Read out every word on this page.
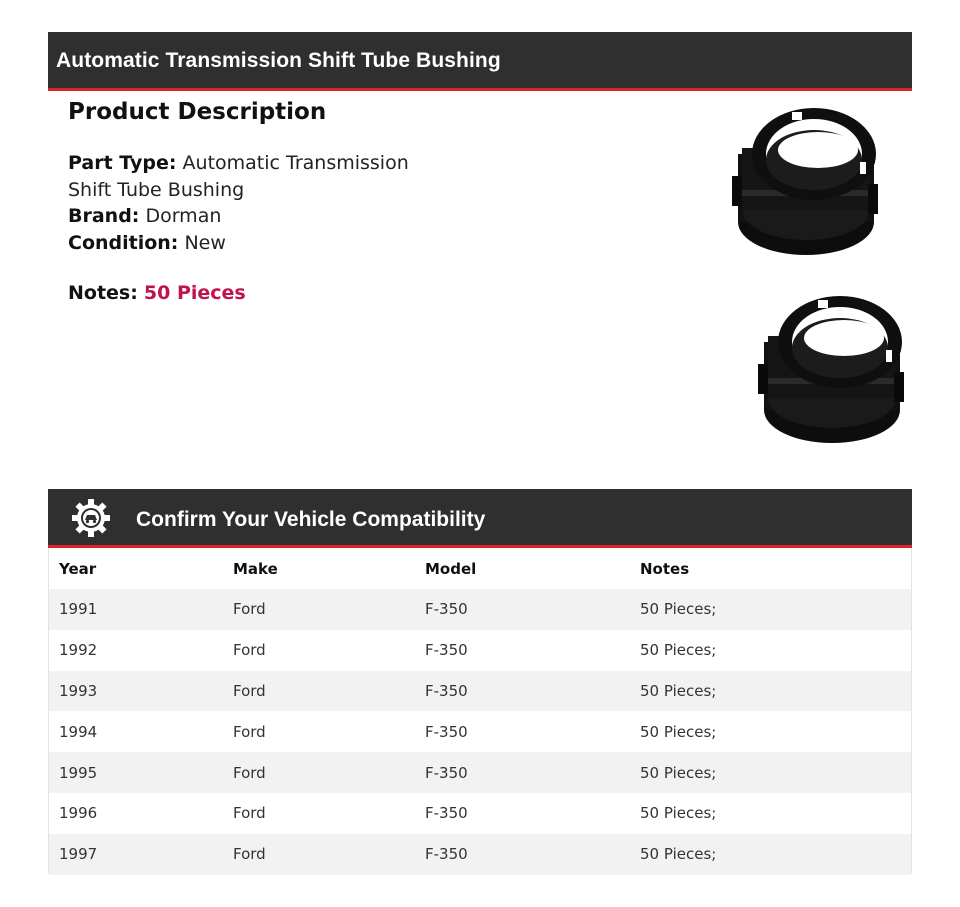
Automatic Transmission Shift Tube Bushing
Product Description
Part Type: Automatic Transmission Shift Tube Bushing
Brand: Dorman
Condition: New
Notes: 50 Pieces
Confirm Your Vehicle Compatibility
Year	Make	Model	Notes
1991	Ford	F-350	50 Pieces;
1992	Ford	F-350	50 Pieces;
1993	Ford	F-350	50 Pieces;
1994	Ford	F-350	50 Pieces;
1995	Ford	F-350	50 Pieces;
1996	Ford	F-350	50 Pieces;
1997	Ford	F-350	50 Pieces;
